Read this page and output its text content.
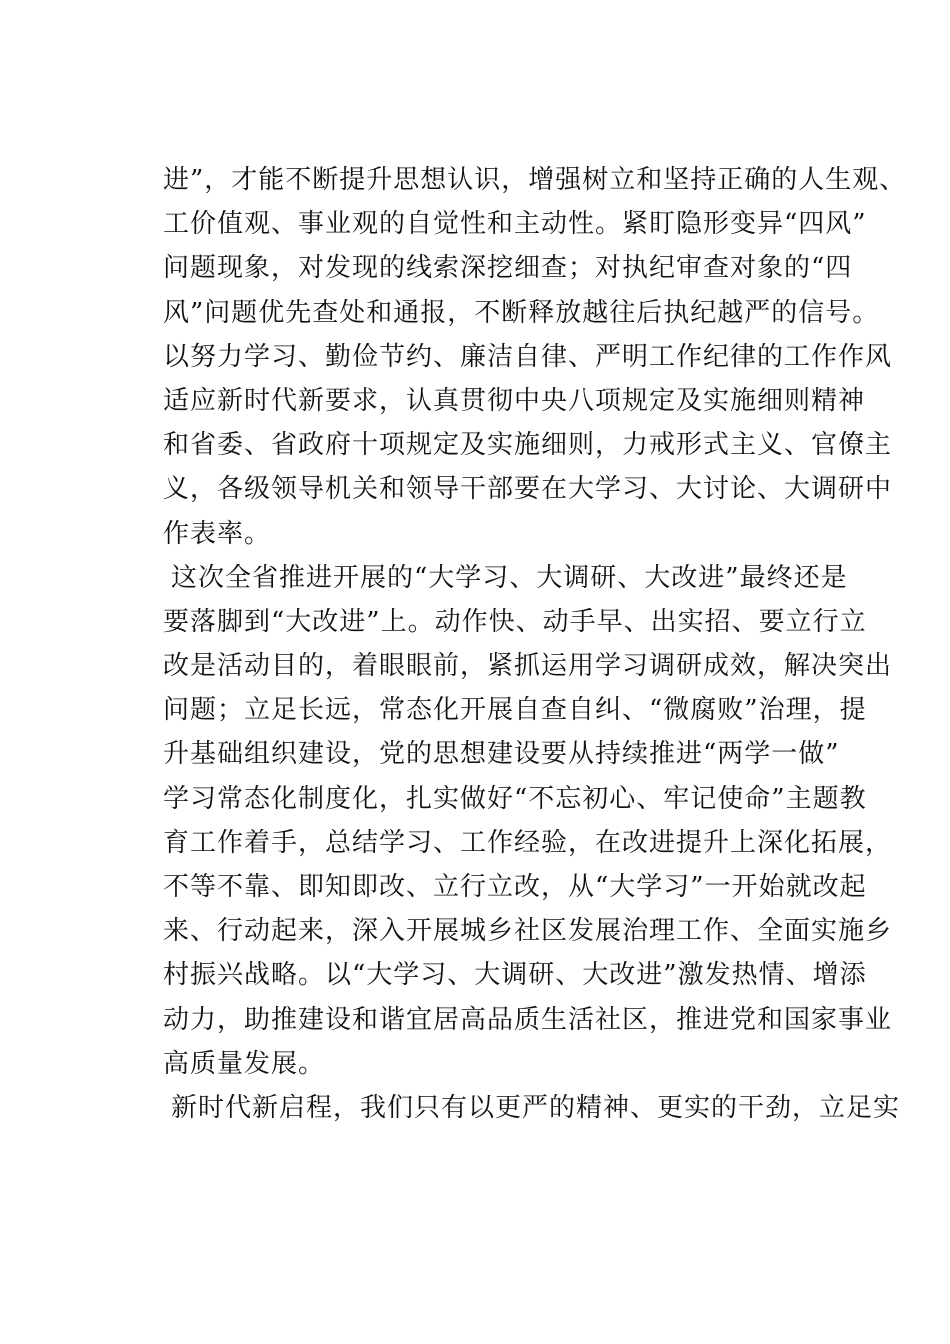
进”，才能不断提升思想认识，增强树立和坚持正确的人生观、
工价值观、事业观的自觉性和主动性。紧盯隐形变异“四风”
问题现象，对发现的线索深挖细查；对执纪审查对象的“四
风”问题优先查处和通报，不断释放越往后执纪越严的信号。
以努力学习、勤俭节约、廉洁自律、严明工作纪律的工作作风
适应新时代新要求，认真贯彻中央八项规定及实施细则精神
和省委、省政府十项规定及实施细则，力戒形式主义、官僚主
义，各级领导机关和领导干部要在大学习、大讨论、大调研中
作表率。
这次全省推进开展的“大学习、大调研、大改进”最终还是
要落脚到“大改进”上。动作快、动手早、出实招、要立行立
改是活动目的，着眼眼前，紧抓运用学习调研成效，解决突出
问题；立足长远，常态化开展自查自纠、“微腐败”治理，提
升基础组织建设，党的思想建设要从持续推进“两学一做”
学习常态化制度化，扎实做好“不忘初心、牢记使命”主题教
育工作着手，总结学习、工作经验，在改进提升上深化拓展，
不等不靠、即知即改、立行立改，从“大学习”一开始就改起
来、行动起来，深入开展城乡社区发展治理工作、全面实施乡
村振兴战略。以“大学习、大调研、大改进”激发热情、增添
动力，助推建设和谐宜居高品质生活社区，推进党和国家事业
高质量发展。
新时代新启程，我们只有以更严的精神、更实的干劲，立足实
